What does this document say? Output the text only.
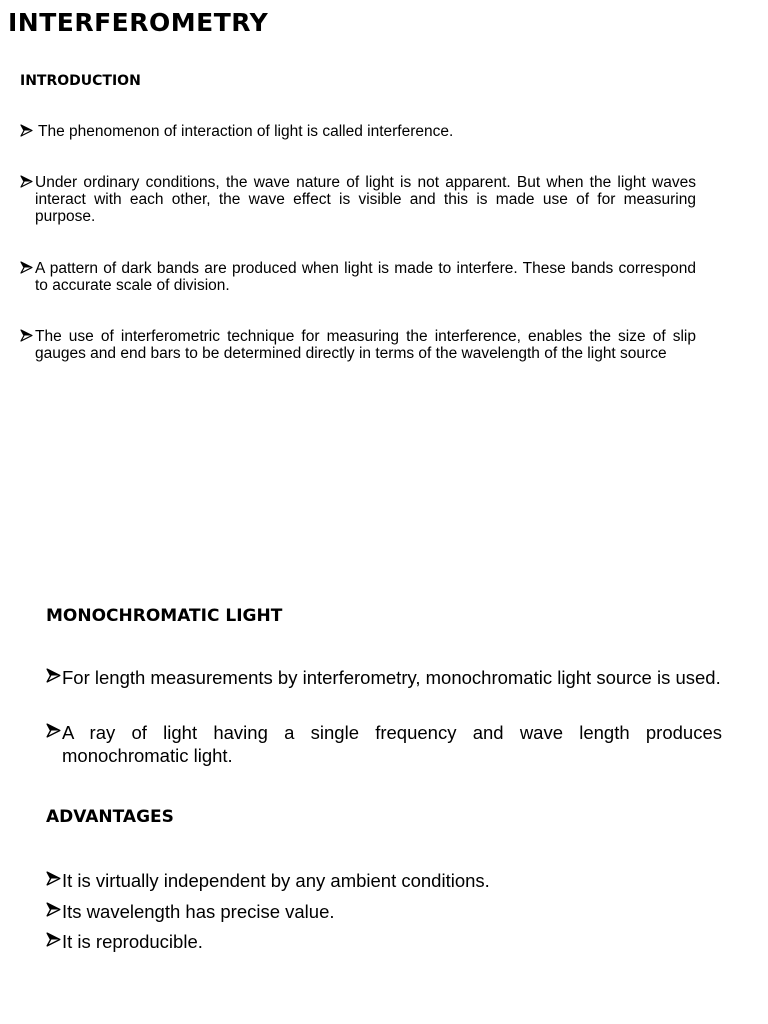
INTERFEROMETRY
INTRODUCTION
The phenomenon of interaction of light is called interference.
Under ordinary conditions, the wave nature of light is not apparent. But when the light waves interact with each other, the wave effect is visible and this is made use of for measuring purpose.
A pattern of dark bands are produced when light is made to interfere. These bands correspond to accurate scale of division.
The use of interferometric technique for measuring the interference, enables the size of slip gauges and end bars to be determined directly in terms of the wavelength of the light source
MONOCHROMATIC LIGHT
For length measurements by interferometry, monochromatic light source is used.
A ray of light having a single frequency and wave length produces monochromatic light.
ADVANTAGES
It is virtually independent by any ambient conditions.
Its wavelength has precise value.
It is reproducible.
